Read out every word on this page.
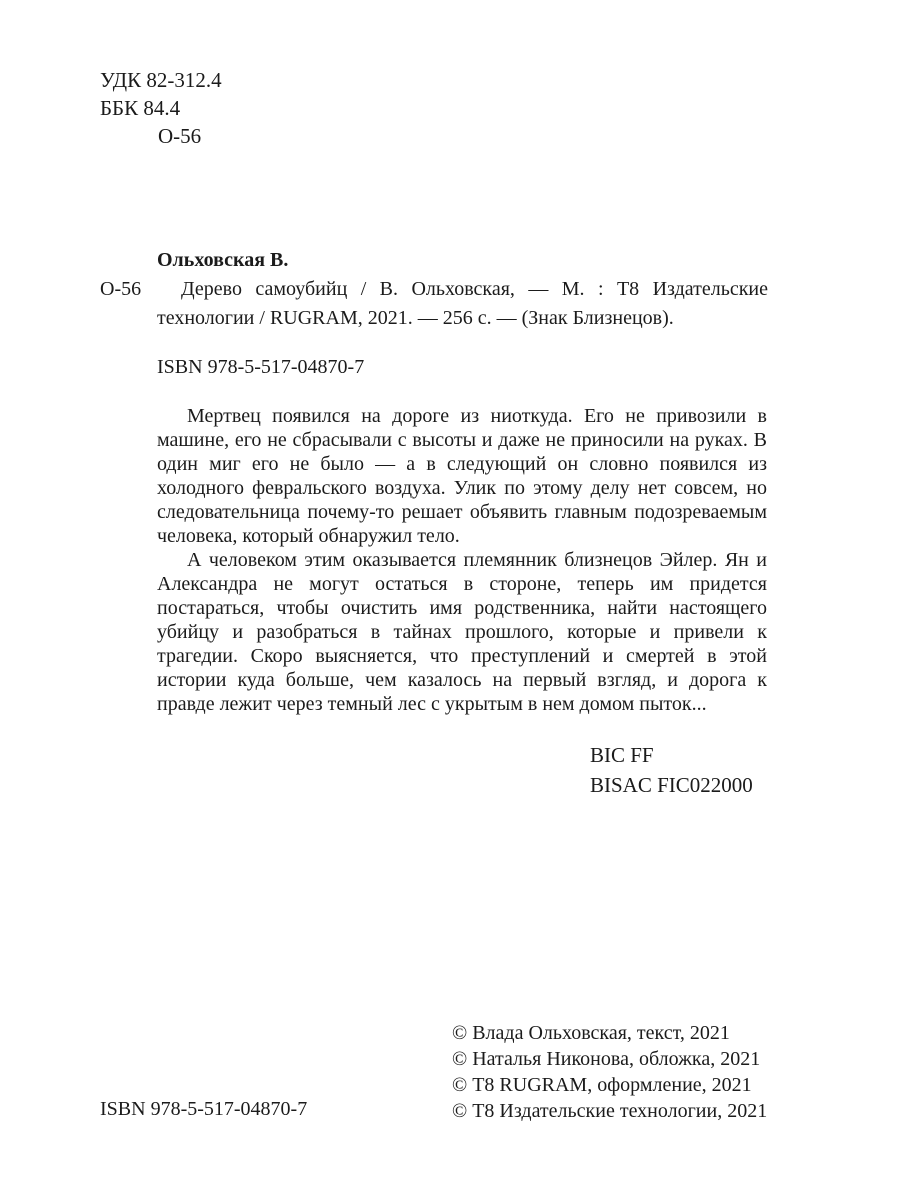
УДК 82-312.4
ББК 84.4
О-56
Ольховская В.
О-56 Дерево самоубийц / В. Ольховская, — М. : Т8 Издательские технологии / RUGRAM, 2021. — 256 с. — (Знак Близнецов).
ISBN 978-5-517-04870-7

Мертвец появился на дороге из ниоткуда. Его не привозили в машине, его не сбрасывали с высоты и даже не приносили на руках. В один миг его не было — а в следующий он словно появился из холодного февральского воздуха. Улик по этому делу нет совсем, но следовательница почему-то решает объявить главным подозреваемым человека, который обнаружил тело.

А человеком этим оказывается племянник близнецов Эйлер. Ян и Александра не могут остаться в стороне, теперь им придется постараться, чтобы очистить имя родственника, найти настоящего убийцу и разобраться в тайнах прошлого, которые и привели к трагедии. Скоро выясняется, что преступлений и смертей в этой истории куда больше, чем казалось на первый взгляд, и дорога к правде лежит через темный лес с укрытым в нем домом пыток...

BIC FF
BISAC FIC022000
© Влада Ольховская, текст, 2021
© Наталья Никонова, обложка, 2021
© Т8 RUGRAM, оформление, 2021
© Т8 Издательские технологии, 2021
ISBN 978-5-517-04870-7
